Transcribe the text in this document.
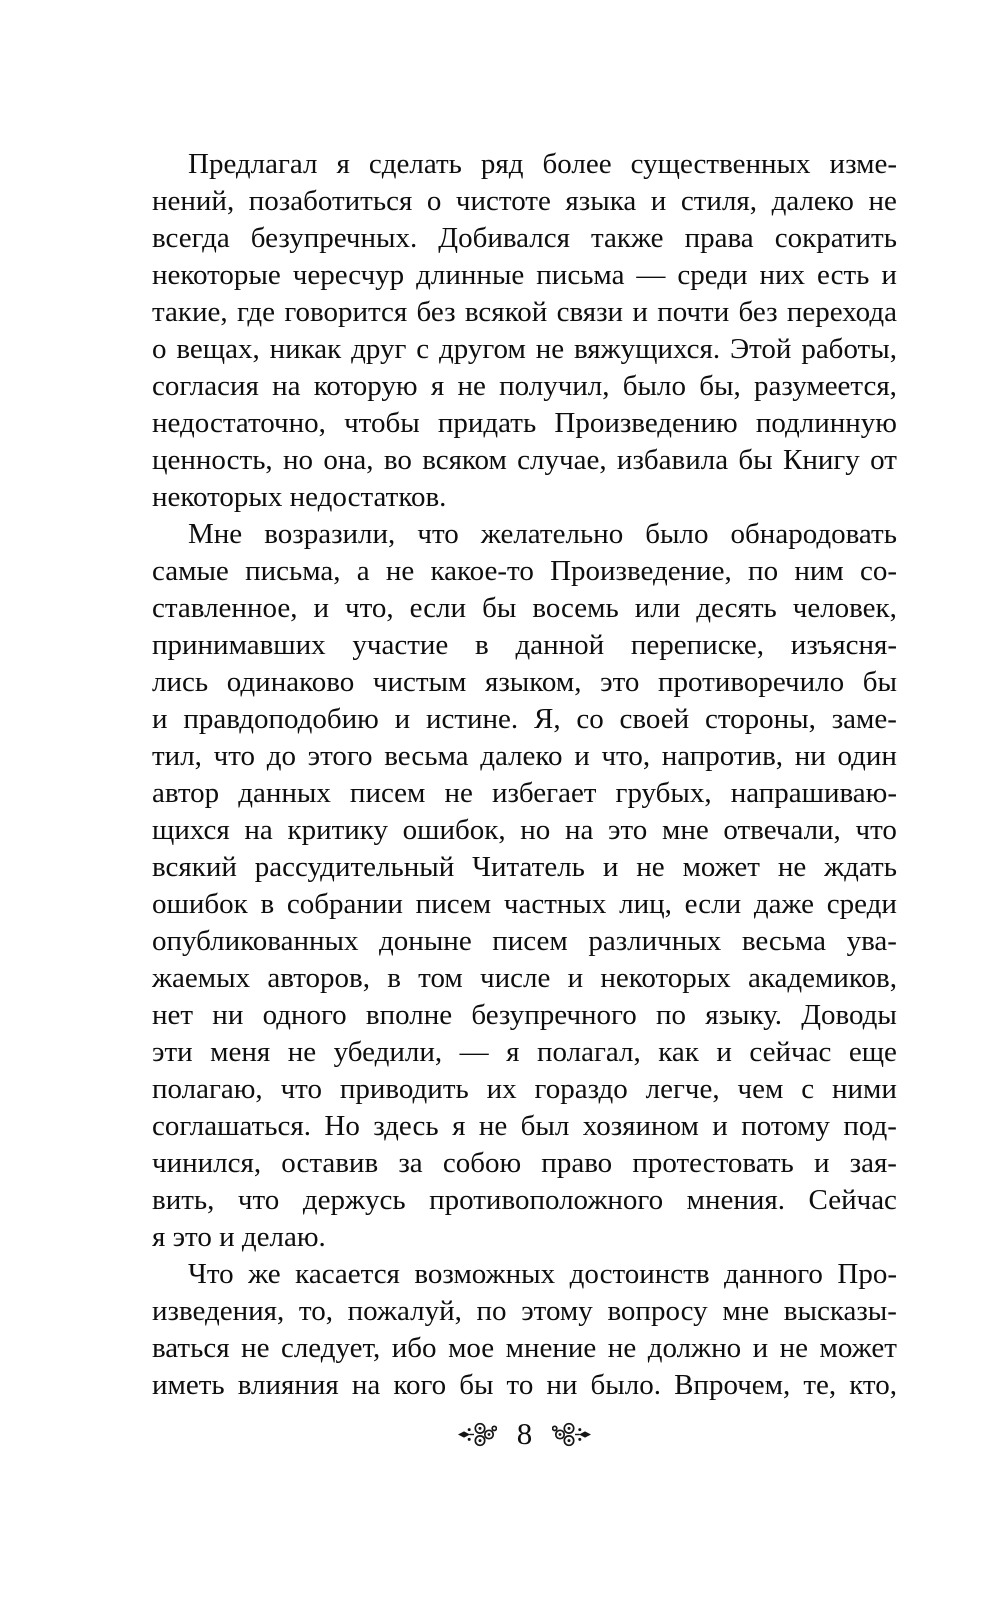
Предлагал я сделать ряд более существенных изме-
нений, позаботиться о чистоте языка и стиля, далеко не
всегда безупречных. Добивался также права сократить
некоторые чересчур длинные письма — среди них есть и
такие, где говорится без всякой связи и почти без перехода
о вещах, никак друг с другом не вяжущихся. Этой работы,
согласия на которую я не получил, было бы, разумеется,
недостаточно, чтобы придать Произведению подлинную
ценность, но она, во всяком случае, избавила бы Книгу от
некоторых недостатков.
Мне возразили, что желательно было обнародовать
самые письма, а не какое-то Произведение, по ним со-
ставленное, и что, если бы восемь или десять человек,
принимавших участие в данной переписке, изъясня-
лись одинаково чистым языком, это противоречило бы
и правдоподобию и истине. Я, со своей стороны, заме-
тил, что до этого весьма далеко и что, напротив, ни один
автор данных писем не избегает грубых, напрашиваю-
щихся на критику ошибок, но на это мне отвечали, что
всякий рассудительный Читатель и не может не ждать
ошибок в собрании писем частных лиц, если даже среди
опубликованных доныне писем различных весьма ува-
жаемых авторов, в том числе и некоторых академиков,
нет ни одного вполне безупречного по языку. Доводы
эти меня не убедили, — я полагал, как и сейчас еще
полагаю, что приводить их гораздо легче, чем с ними
соглашаться. Но здесь я не был хозяином и потому под-
чинился, оставив за собою право протестовать и зая-
вить, что держусь противоположного мнения. Сейчас
я это и делаю.
Что же касается возможных достоинств данного Про-
изведения, то, пожалуй, по этому вопросу мне высказы-
ваться не следует, ибо мое мнение не должно и не может
иметь влияния на кого бы то ни было. Впрочем, те, кто,
8
